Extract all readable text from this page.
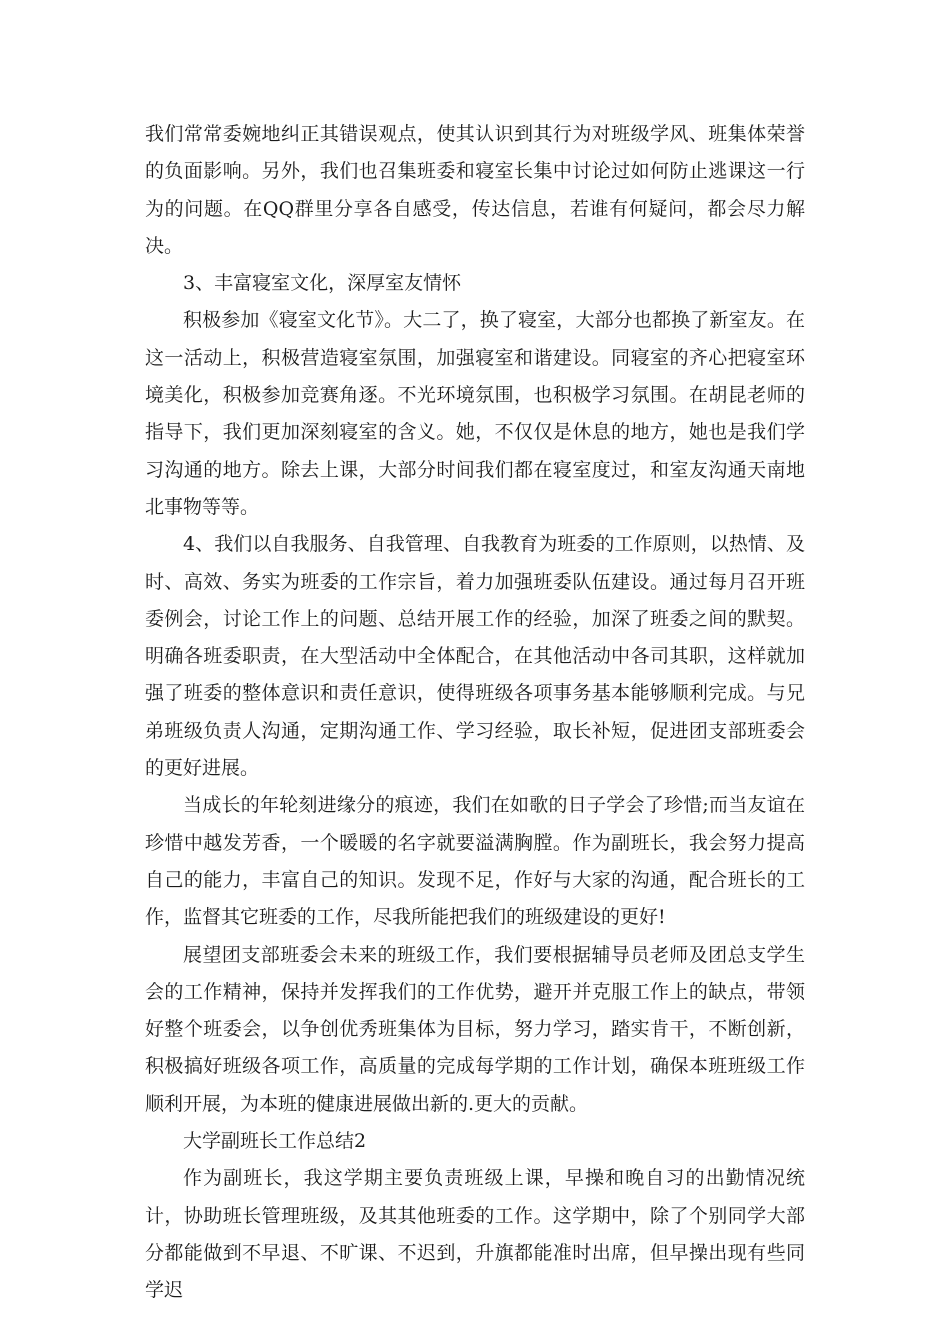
我们常常委婉地纠正其错误观点，使其认识到其行为对班级学风、班集体荣誉的负面影响。另外，我们也召集班委和寝室长集中讨论过如何防止逃课这一行为的问题。在QQ群里分享各自感受，传达信息，若谁有何疑问，都会尽力解决。

3、丰富寝室文化，深厚室友情怀

积极参加《寝室文化节》。大二了，换了寝室，大部分也都换了新室友。在这一活动上，积极营造寝室氛围，加强寝室和谐建设。同寝室的齐心把寝室环境美化，积极参加竞赛角逐。不光环境氛围，也积极学习氛围。在胡昆老师的指导下，我们更加深刻寝室的含义。她，不仅仅是休息的地方，她也是我们学习沟通的地方。除去上课，大部分时间我们都在寝室度过，和室友沟通天南地北事物等等。

4、我们以自我服务、自我管理、自我教育为班委的工作原则，以热情、及时、高效、务实为班委的工作宗旨，着力加强班委队伍建设。通过每月召开班委例会，讨论工作上的问题、总结开展工作的经验，加深了班委之间的默契。明确各班委职责，在大型活动中全体配合，在其他活动中各司其职，这样就加强了班委的整体意识和责任意识，使得班级各项事务基本能够顺利完成。与兄弟班级负责人沟通，定期沟通工作、学习经验，取长补短，促进团支部班委会的更好进展。

当成长的年轮刻进缘分的痕迹，我们在如歌的日子学会了珍惜;而当友谊在珍惜中越发芳香，一个暖暖的名字就要溢满胸膛。作为副班长，我会努力提高自己的能力，丰富自己的知识。发现不足，作好与大家的沟通，配合班长的工作，监督其它班委的工作，尽我所能把我们的班级建设的更好!

展望团支部班委会未来的班级工作，我们要根据辅导员老师及团总支学生会的工作精神，保持并发挥我们的工作优势，避开并克服工作上的缺点，带领好整个班委会，以争创优秀班集体为目标，努力学习，踏实肯干，不断创新，积极搞好班级各项工作，高质量的完成每学期的工作计划，确保本班班级工作顺利开展，为本班的健康进展做出新的.更大的贡献。

大学副班长工作总结2

作为副班长，我这学期主要负责班级上课，早操和晚自习的出勤情况统计，协助班长管理班级，及其其他班委的工作。这学期中，除了个别同学大部分都能做到不早退、不旷课、不迟到，升旗都能准时出席，但早操出现有些同学迟
